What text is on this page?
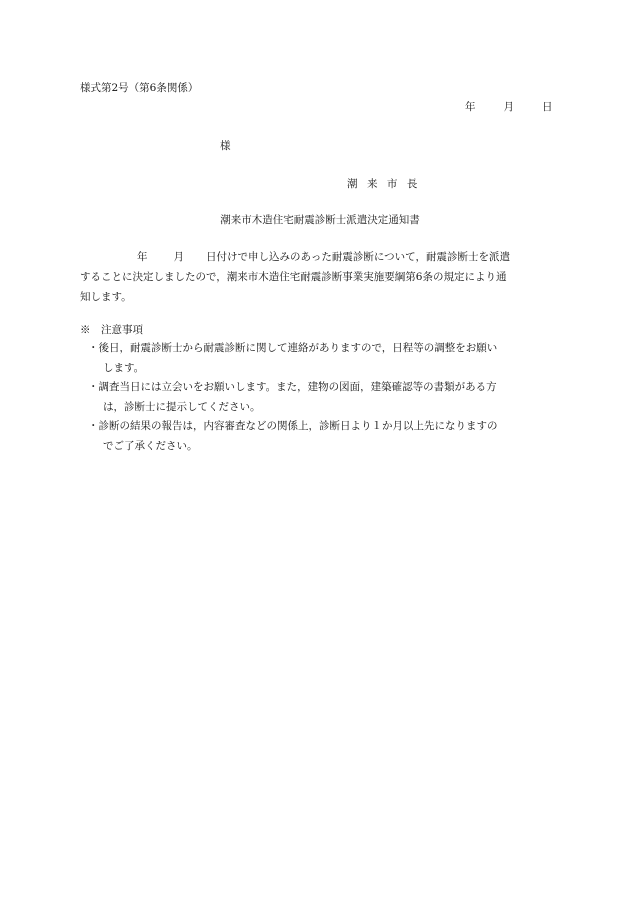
様式第2号（第6条関係）
年	月	日
様
潮来市長
潮来市木造住宅耐震診断士派遣決定通知書
年 月 日付けで申し込みのあった耐震診断について，耐震診断士を派遣
することに決定しましたので，潮来市木造住宅耐震診断事業実施要綱第6条の規定により通
知します。
※　注意事項
・後日，耐震診断士から耐震診断に関して連絡がありますので，日程等の調整をお願い
します。
・調査当日には立会いをお願いします。また，建物の図面，建築確認等の書類がある方
は，診断士に提示してください。
・診断の結果の報告は，内容審査などの関係上，診断日より１か月以上先になりますの
でご了承ください。
